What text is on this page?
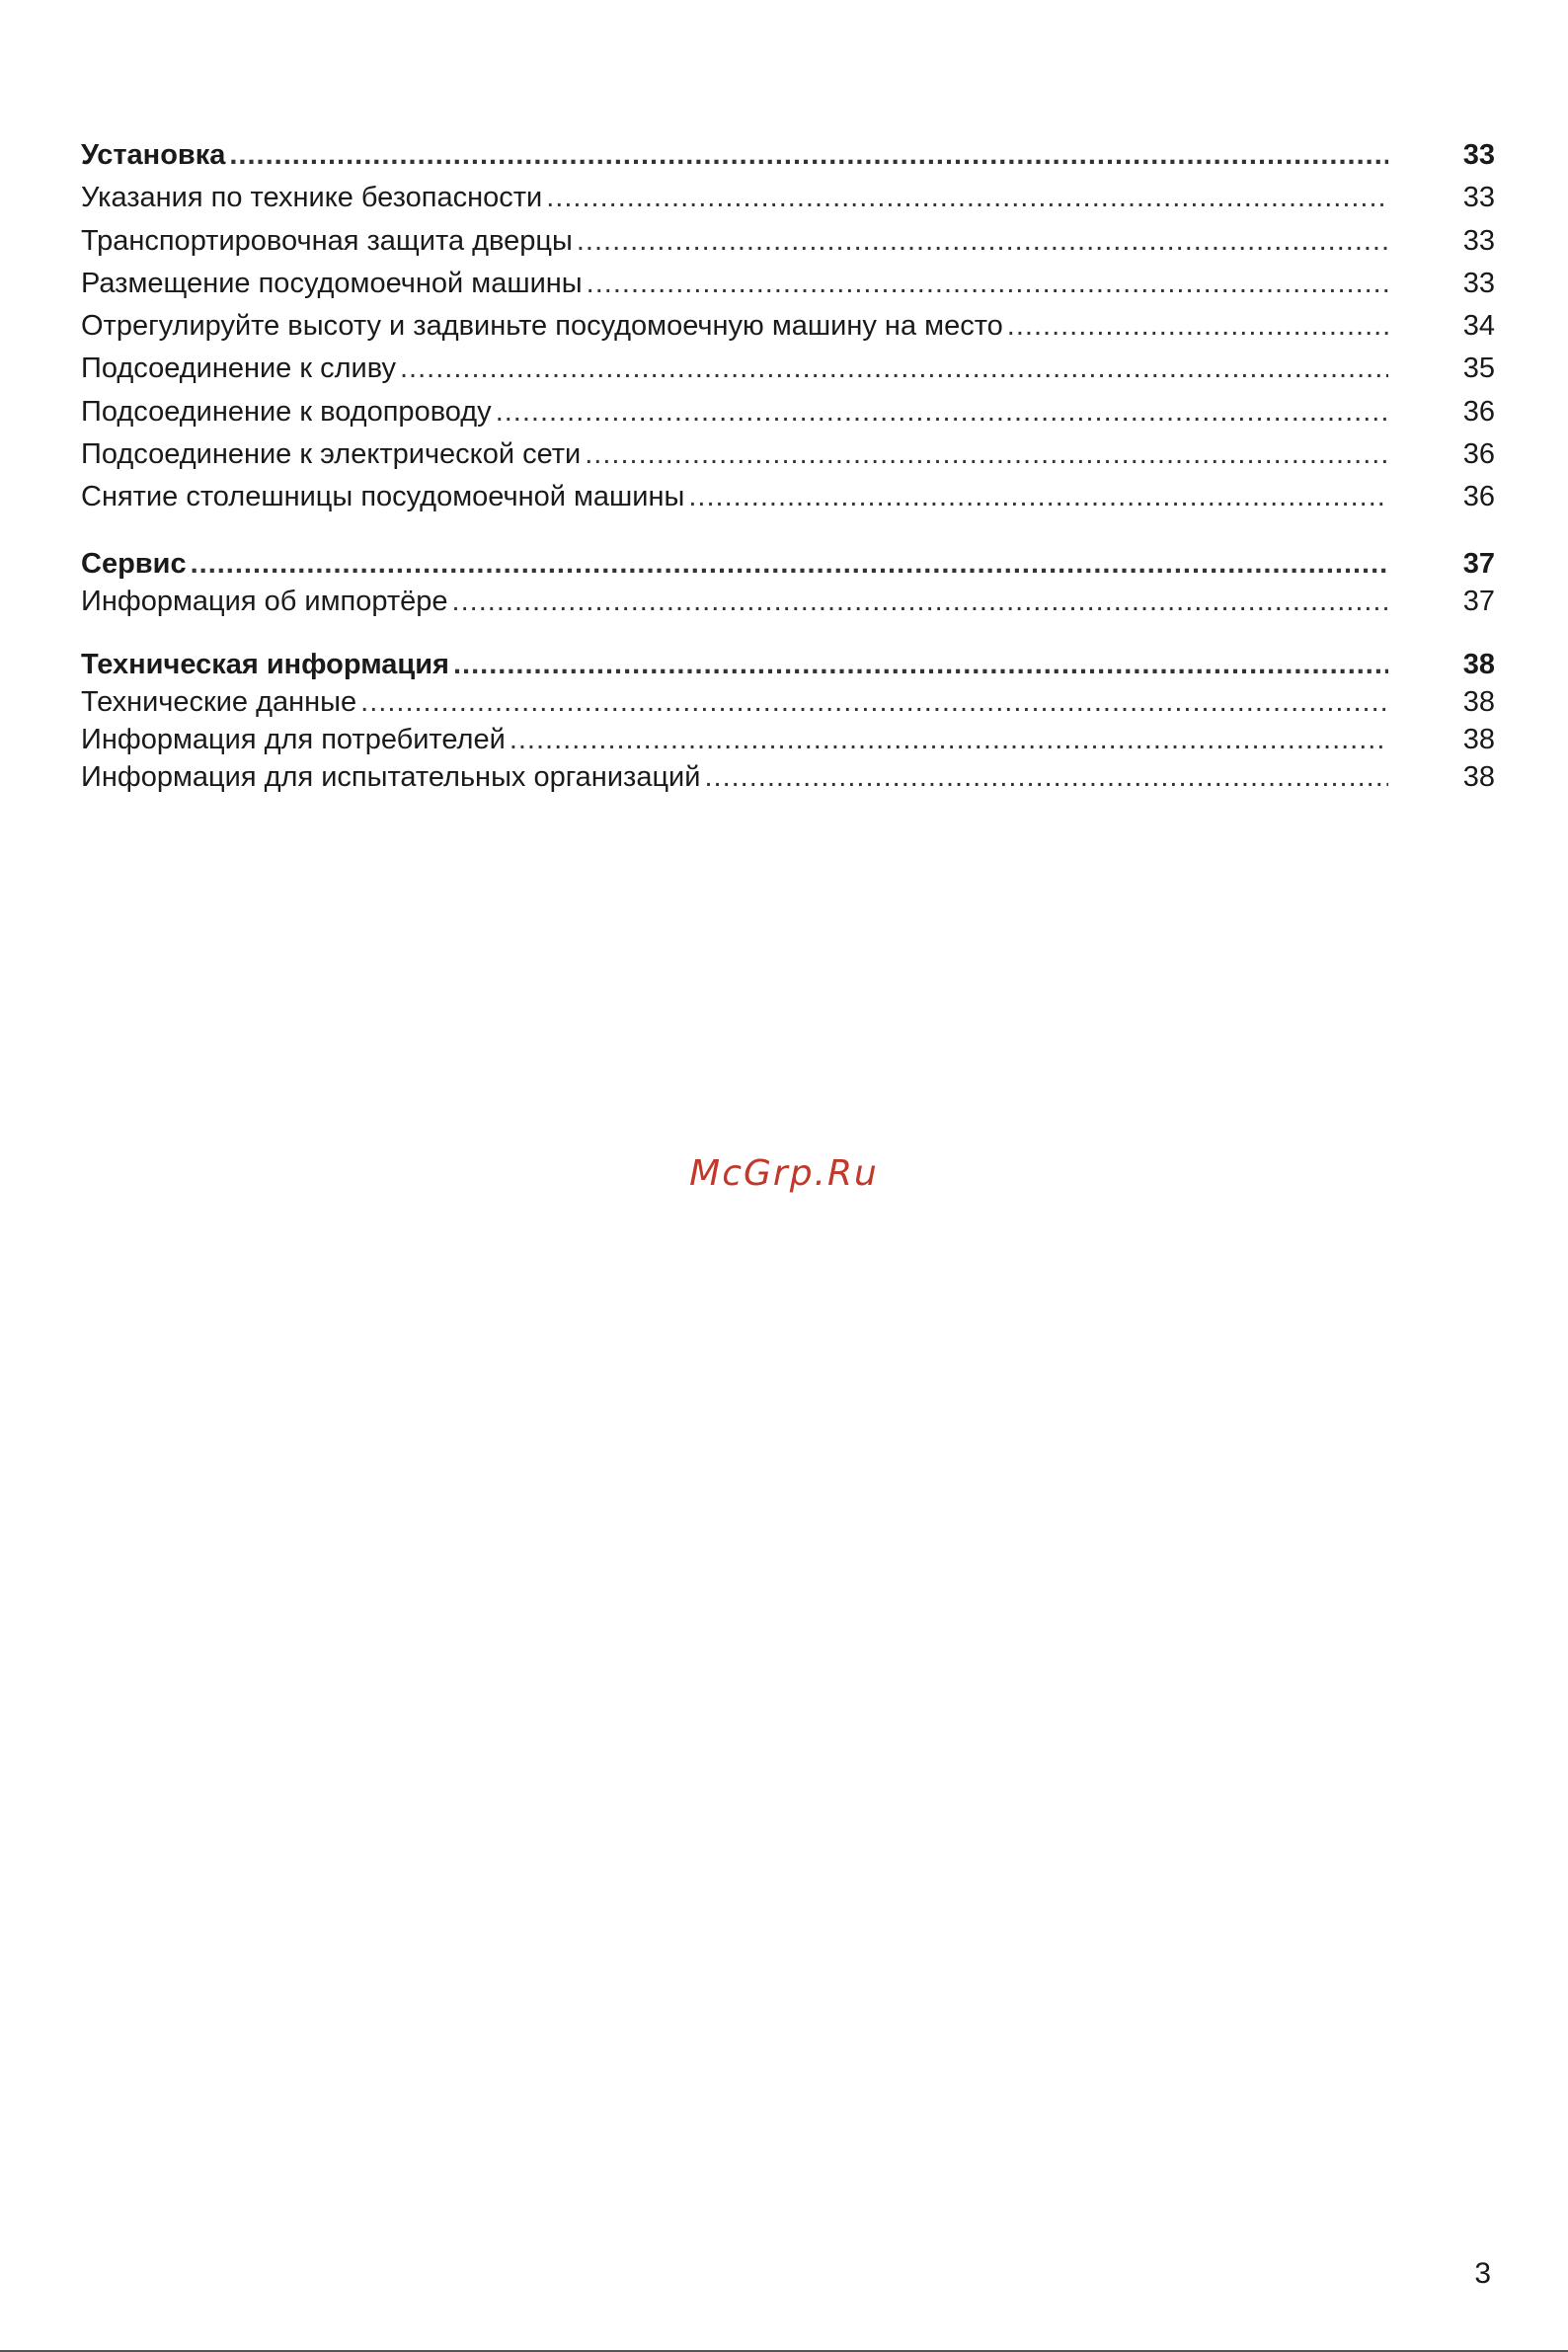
Установка .....	33
Указания по технике безопасности .....	33
Транспортировочная защита дверцы .....	33
Размещение посудомоечной машины .....	33
Отрегулируйте высоту и задвиньте посудомоечную машину на место .....	34
Подсоединение к сливу .....	35
Подсоединение к водопроводу .....	36
Подсоединение к электрической сети .....	36
Снятие столешницы посудомоечной машины .....	36
Сервис .....	37
Информация об импортёре .....	37
Техническая информация .....	38
Технические данные .....	38
Информация для потребителей .....	38
Информация для испытательных организаций .....	38
McGrp.Ru
3
